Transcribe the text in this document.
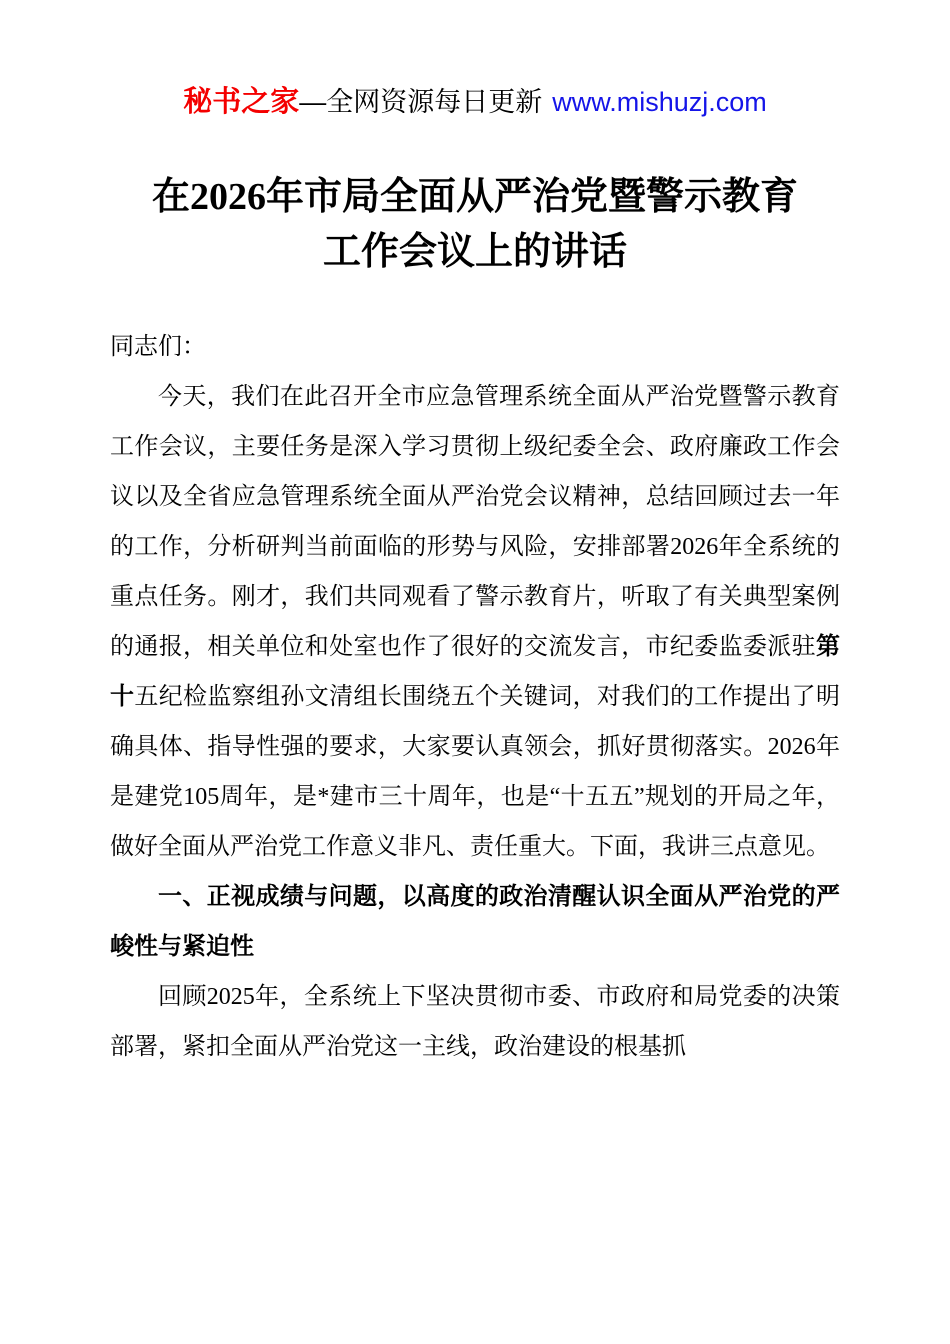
秘书之家—全网资源每日更新 www.mishuzj.com
在2026年市局全面从严治党暨警示教育
工作会议上的讲话

同志们：

今天，我们在此召开全市应急管理系统全面从严治党暨警示教育工作会议，主要任务是深入学习贯彻上级纪委全会、政府廉政工作会议以及全省应急管理系统全面从严治党会议精神，总结回顾过去一年的工作，分析研判当前面临的形势与风险，安排部署2026年全系统的重点任务。刚才，我们共同观看了警示教育片，听取了有关典型案例的通报，相关单位和处室也作了很好的交流发言，市纪委监委派驻第十五纪检监察组孙文清组长围绕五个关键词，对我们的工作提出了明确具体、指导性强的要求，大家要认真领会，抓好贯彻落实。2026年是建党105周年，是*建市三十周年，也是“十五五”规划的开局之年，做好全面从严治党工作意义非凡、责任重大。下面，我讲三点意见。

一、正视成绩与问题，以高度的政治清醒认识全面从严治党的严峻性与紧迫性

回顾2025年，全系统上下坚决贯彻市委、市政府和局党委的决策部署，紧扣全面从严治党这一主线，政治建设的根基抓
